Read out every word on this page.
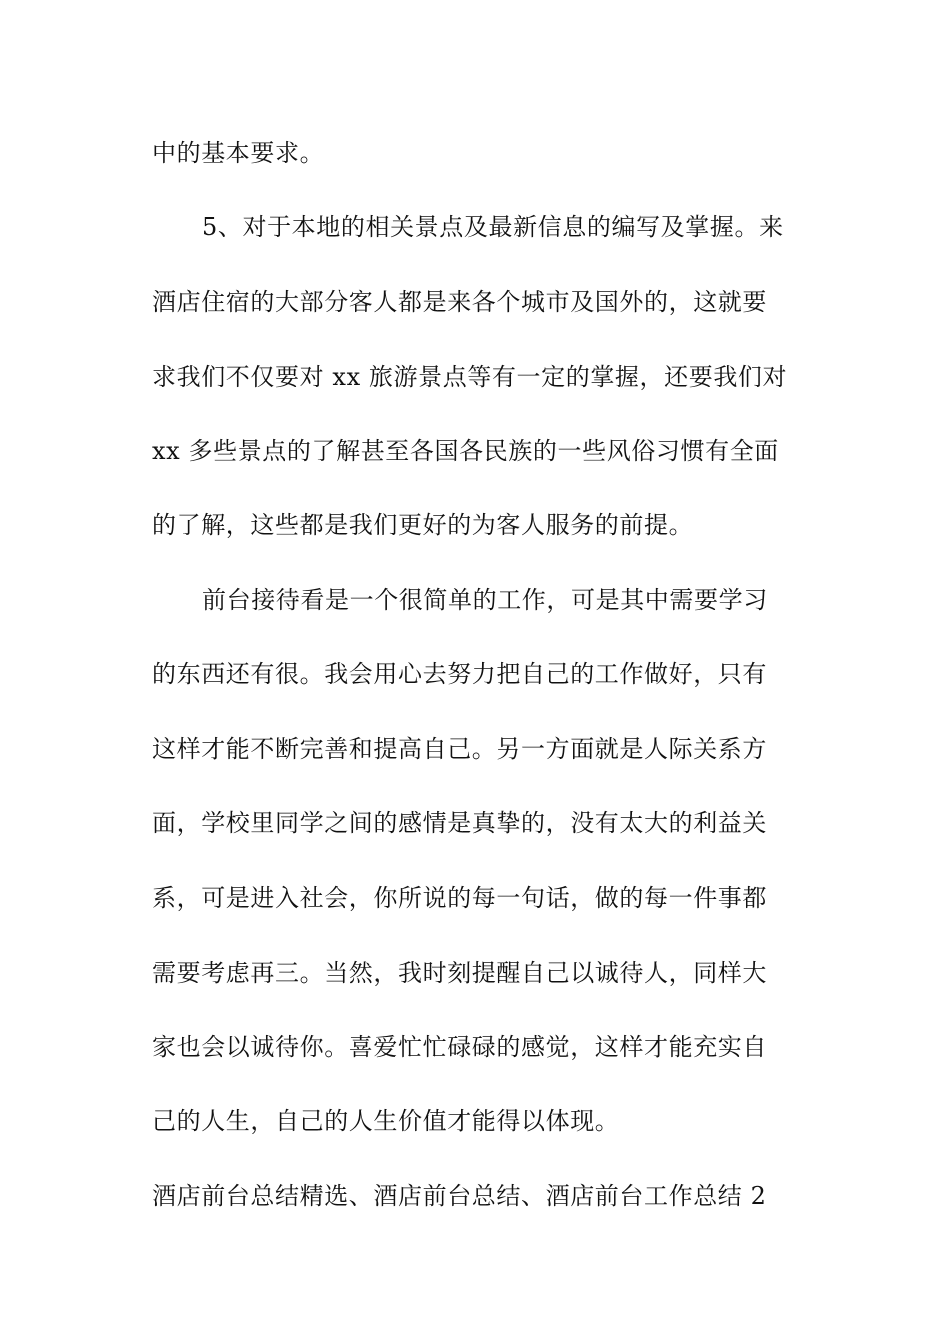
中的基本要求。
5、对于本地的相关景点及最新信息的编写及掌握。来
酒店住宿的大部分客人都是来各个城市及国外的，这就要
求我们不仅要对 xx 旅游景点等有一定的掌握，还要我们对
xx 多些景点的了解甚至各国各民族的一些风俗习惯有全面
的了解，这些都是我们更好的为客人服务的前提。
前台接待看是一个很简单的工作，可是其中需要学习
的东西还有很。我会用心去努力把自己的工作做好，只有
这样才能不断完善和提高自己。另一方面就是人际关系方
面，学校里同学之间的感情是真挚的，没有太大的利益关
系，可是进入社会，你所说的每一句话，做的每一件事都
需要考虑再三。当然，我时刻提醒自己以诚待人，同样大
家也会以诚待你。喜爱忙忙碌碌的感觉，这样才能充实自
己的人生，自己的人生价值才能得以体现。
酒店前台总结精选、酒店前台总结、酒店前台工作总结 2
